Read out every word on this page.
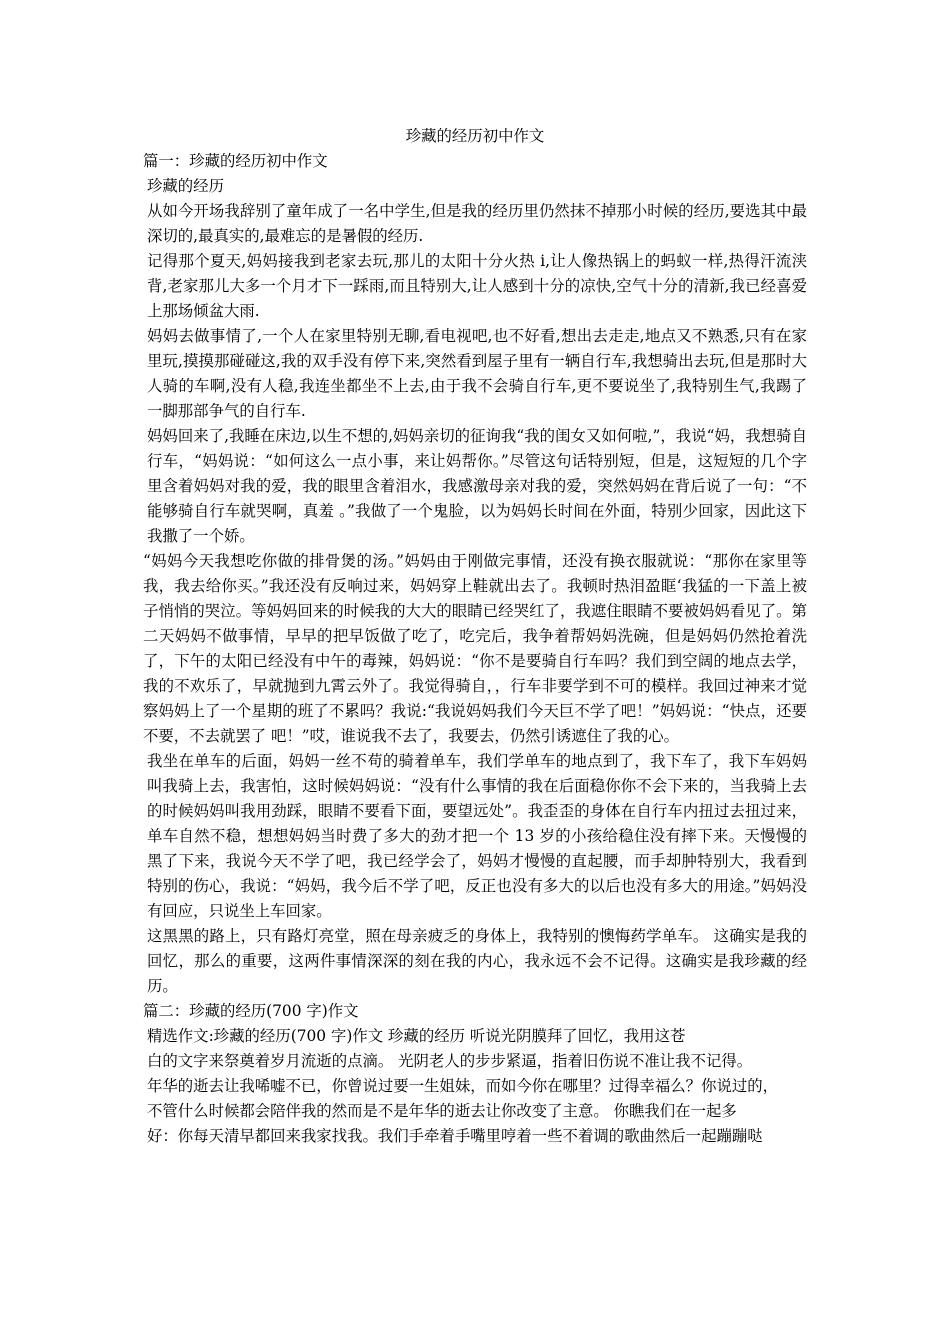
珍藏的经历初中作文

篇一：珍藏的经历初中作文

珍藏的经历

从如今开场我辞别了童年成了一名中学生,但是我的经历里仍然抹不掉那小时候的经历,要选其中最深切的,最真实的,最难忘的是暑假的经历.

记得那个夏天,妈妈接我到老家去玩,那儿的太阳十分火热 i,让人像热锅上的蚂蚁一样,热得汗流浃背,老家那儿大多一个月才下一踩雨,而且特别大,让人感到十分的凉快,空气十分的清新,我已经喜爱上那场倾盆大雨.

妈妈去做事情了,一个人在家里特别无聊,看电视吧,也不好看,想出去走走,地点又不熟悉,只有在家里玩,摸摸那碰碰这,我的双手没有停下来,突然看到屋子里有一辆自行车,我想骑出去玩,但是那时大人骑的车啊,没有人稳,我连坐都坐不上去,由于我不会骑自行车,更不要说坐了,我特别生气,我踢了一脚那部争气的自行车.

妈妈回来了,我睡在床边,以生不想的,妈妈亲切的征询我“我的闺女又如何啦,”，我说“妈，我想骑自行车，“妈妈说：“如何这么一点小事，来让妈帮你。”尽管这句话特别短，但是，这短短的几个字里含着妈妈对我的爱，我的眼里含着泪水，我感激母亲对我的爱，突然妈妈在背后说了一句：“不能够骑自行车就哭啊，真羞 。”我做了一个鬼脸，以为妈妈长时间在外面，特别少回家，因此这下我撒了一个娇。

“妈妈今天我想吃你做的排骨煲的汤。”妈妈由于刚做完事情，还没有换衣服就说：“那你在家里等我，我去给你买。”我还没有反响过来，妈妈穿上鞋就出去了。我顿时热泪盈眶‘我猛的一下盖上被子悄悄的哭泣。等妈妈回来的时候我的大大的眼睛已经哭红了，我遮住眼睛不要被妈妈看见了。第二天妈妈不做事情，早早的把早饭做了吃了，吃完后，我争着帮妈妈洗碗，但是妈妈仍然抢着洗了，下午的太阳已经没有中午的毒辣，妈妈说：“你不是要骑自行车吗？我们到空阔的地点去学，我的不欢乐了，早就抛到九霄云外了。我觉得骑自，，行车非要学到不可的模样。我回过神来才觉察妈妈上了一个星期的班了不累吗？我说:“我说妈妈我们今天巨不学了吧！”妈妈说：“快点，还要不要，不去就罢了 吧！”哎，谁说我不去了，我要去，仍然引诱遮住了我的心。

我坐在单车的后面，妈妈一丝不苟的骑着单车，我们学单车的地点到了，我下车了，我下车妈妈叫我骑上去，我害怕，这时候妈妈说：“没有什么事情的我在后面稳你你不会下来的，当我骑上去的时候妈妈叫我用劲踩，眼睛不要看下面，要望远处”。我歪歪的身体在自行车内扭过去扭过来，单车自然不稳，想想妈妈当时费了多大的劲才把一个 13 岁的小孩给稳住没有摔下来。天慢慢的黑了下来，我说今天不学了吧，我已经学会了，妈妈才慢慢的直起腰，而手却肿特别大，我看到特别的伤心，我说：“妈妈，我今后不学了吧，反正也没有多大的以后也没有多大的用途。”妈妈没有回应，只说坐上车回家。

这黑黑的路上，只有路灯亮堂，照在母亲疲乏的身体上，我特别的懊悔药学单车。 这确实是我的回忆，那么的重要，这两件事情深深的刻在我的内心，我永远不会不记得。这确实是我珍藏的经历。

篇二：珍藏的经历(700 字)作文

精选作文:珍藏的经历(700 字)作文 珍藏的经历 听说光阴膜拜了回忆，我用这苍

白的文字来祭奠着岁月流逝的点滴。 光阴老人的步步紧逼，指着旧伤说不准让我不记得。

年华的逝去让我唏嘘不已，你曾说过要一生姐妹，而如今你在哪里？过得幸福么？你说过的，

不管什么时候都会陪伴我的然而是不是年华的逝去让你改变了主意。 你瞧我们在一起多

好：你每天清早都回来我家找我。我们手牵着手嘴里哼着一些不着调的歌曲然后一起蹦蹦哒
